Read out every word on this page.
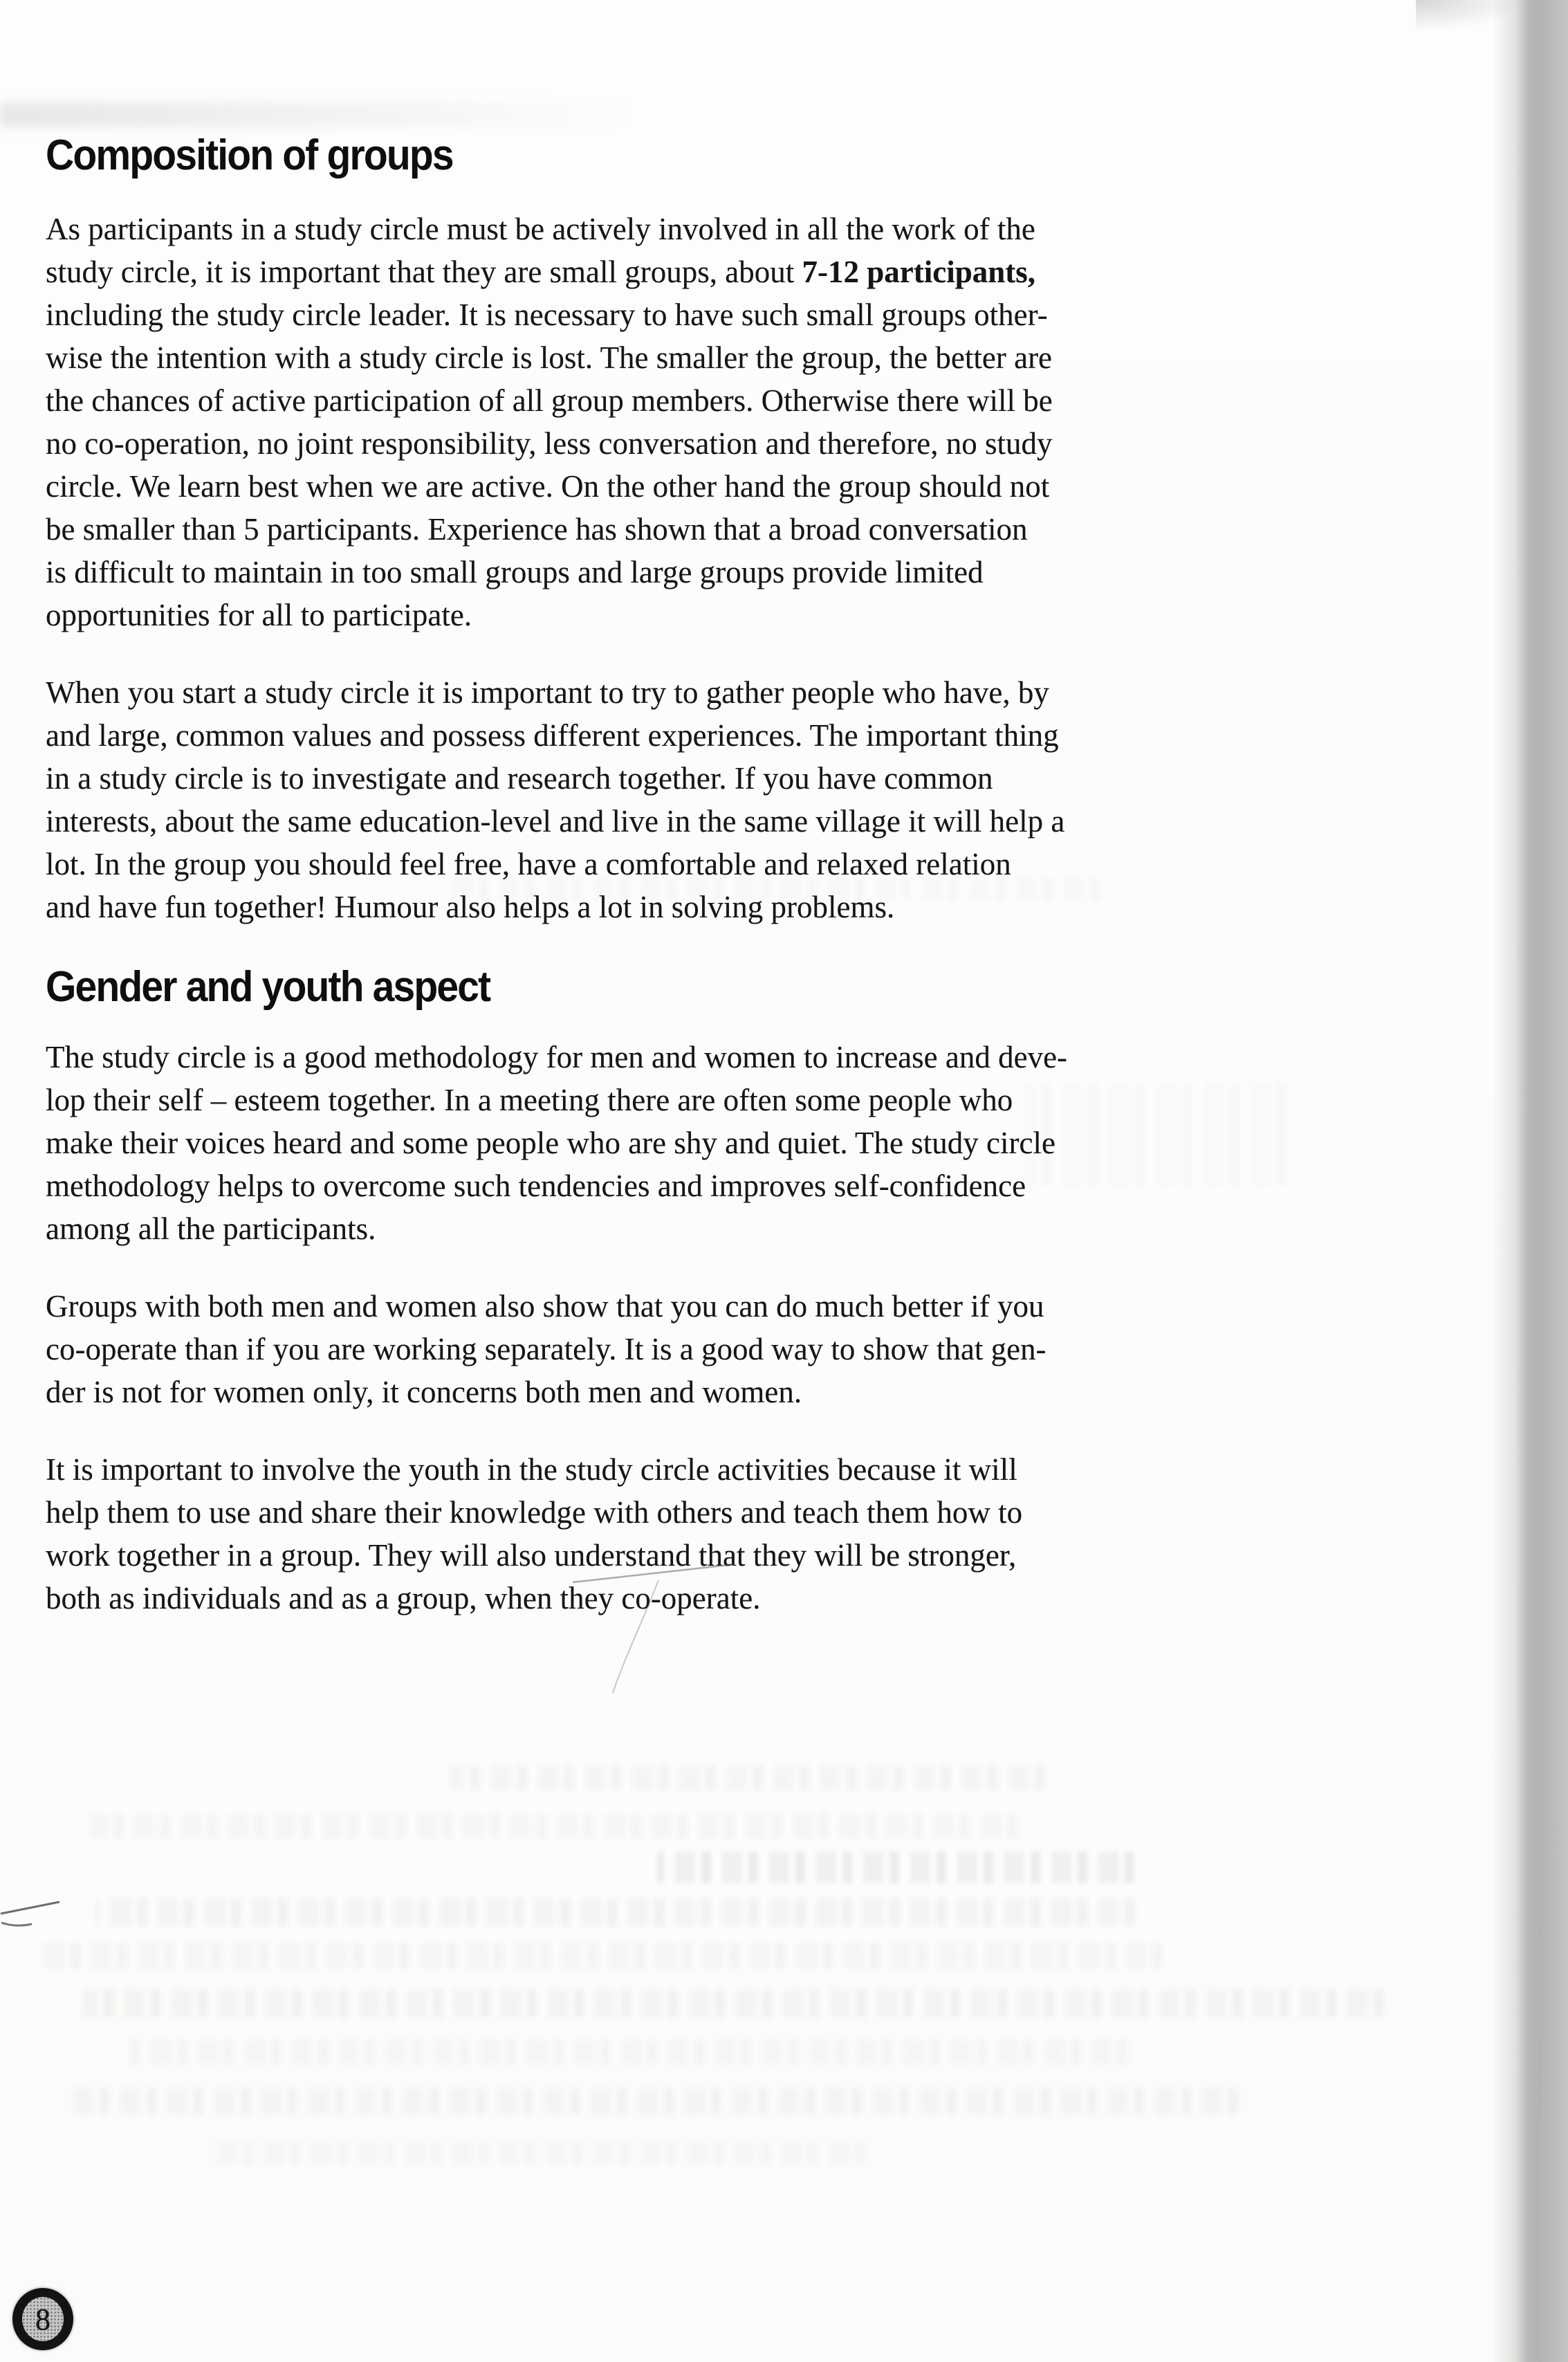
Composition of groups
As participants in a study circle must be actively involved in all the work of the
study circle, it is important that they are small groups, about 7-12 participants,
including the study circle leader. It is necessary to have such small groups other-
wise the intention with a study circle is lost. The smaller the group, the better are
the chances of active participation of all group members. Otherwise there will be
no co-operation, no joint responsibility, less conversation and therefore, no study
circle. We learn best when we are active. On the other hand the group should not
be smaller than 5 participants. Experience has shown that a broad conversation
is difficult to maintain in too small groups and large groups provide limited
opportunities for all to participate.
When you start a study circle it is important to try to gather people who have, by
and large, common values and possess different experiences. The important thing
in a study circle is to investigate and research together. If you have common
interests, about the same education-level and live in the same village it will help a
lot. In the group you should feel free, have a comfortable and relaxed relation
and have fun together! Humour also helps a lot in solving problems.
Gender and youth aspect
The study circle is a good methodology for men and women to increase and deve-
lop their self – esteem together. In a meeting there are often some people who
make their voices heard and some people who are shy and quiet. The study circle
methodology helps to overcome such tendencies and improves self-confidence
among all the participants.
Groups with both men and women also show that you can do much better if you
co-operate than if you are working separately. It is a good way to show that gen-
der is not for women only, it concerns both men and women.
It is important to involve the youth in the study circle activities because it will
help them to use and share their knowledge with others and teach them how to
work together in a group. They will also understand that they will be stronger,
both as individuals and as a group, when they co-operate.
8
